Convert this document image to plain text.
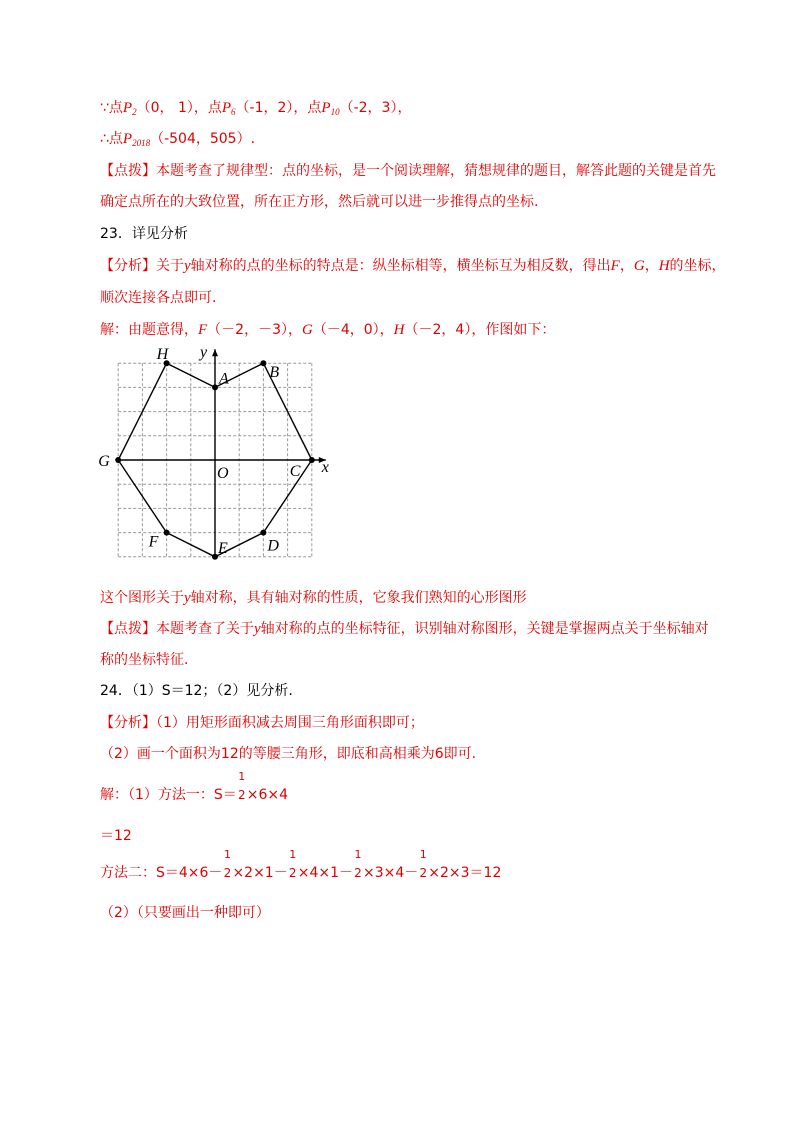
∵点$P_2(0$， 1），点$P_6(-1$，2），点$P_{10}(-2$，3），
∴点$P_{2018}(-504$，505）.
【点拨】本题考查了规律型：点的坐标，是一个阅读理解，猜想规律的题目，解答此题的关键是首先
确定点所在的大致位置，所在正方形，然后就可以进一步推得点的坐标.
23．详见分析
【分析】关于y轴对称的点的坐标的特点是：纵坐标相等，横坐标互为相反数，得出F，G，H的坐标，
顺次连接各点即可.
解：由题意得，F（－2，－3），G（－4，0），H（－2，4），作图如下：
H
A	B
C
D
E
F
G
O	x
y
这个图形关于y轴对称，具有轴对称的性质，它象我们熟知的心形图形
【点拨】本题考查了关于y轴对称的点的坐标特征，识别轴对称图形，关键是掌握两点关于坐标轴对
称的坐标特征.
24．（1）S＝12；（2）见分析.
【分析】（1）用矩形面积减去周围三角形面积即可；
（2）画一个面积为12的等腰三角形，即底和高相乘为6即可.
解：（1）方法一：S＝
1
2×6×4
＝12
方法二：S＝4×6－
1
2×2×1－
1
2×4×1－
1
2×3×4－
1
2×2×3＝12
（2）（只要画出一种即可）
